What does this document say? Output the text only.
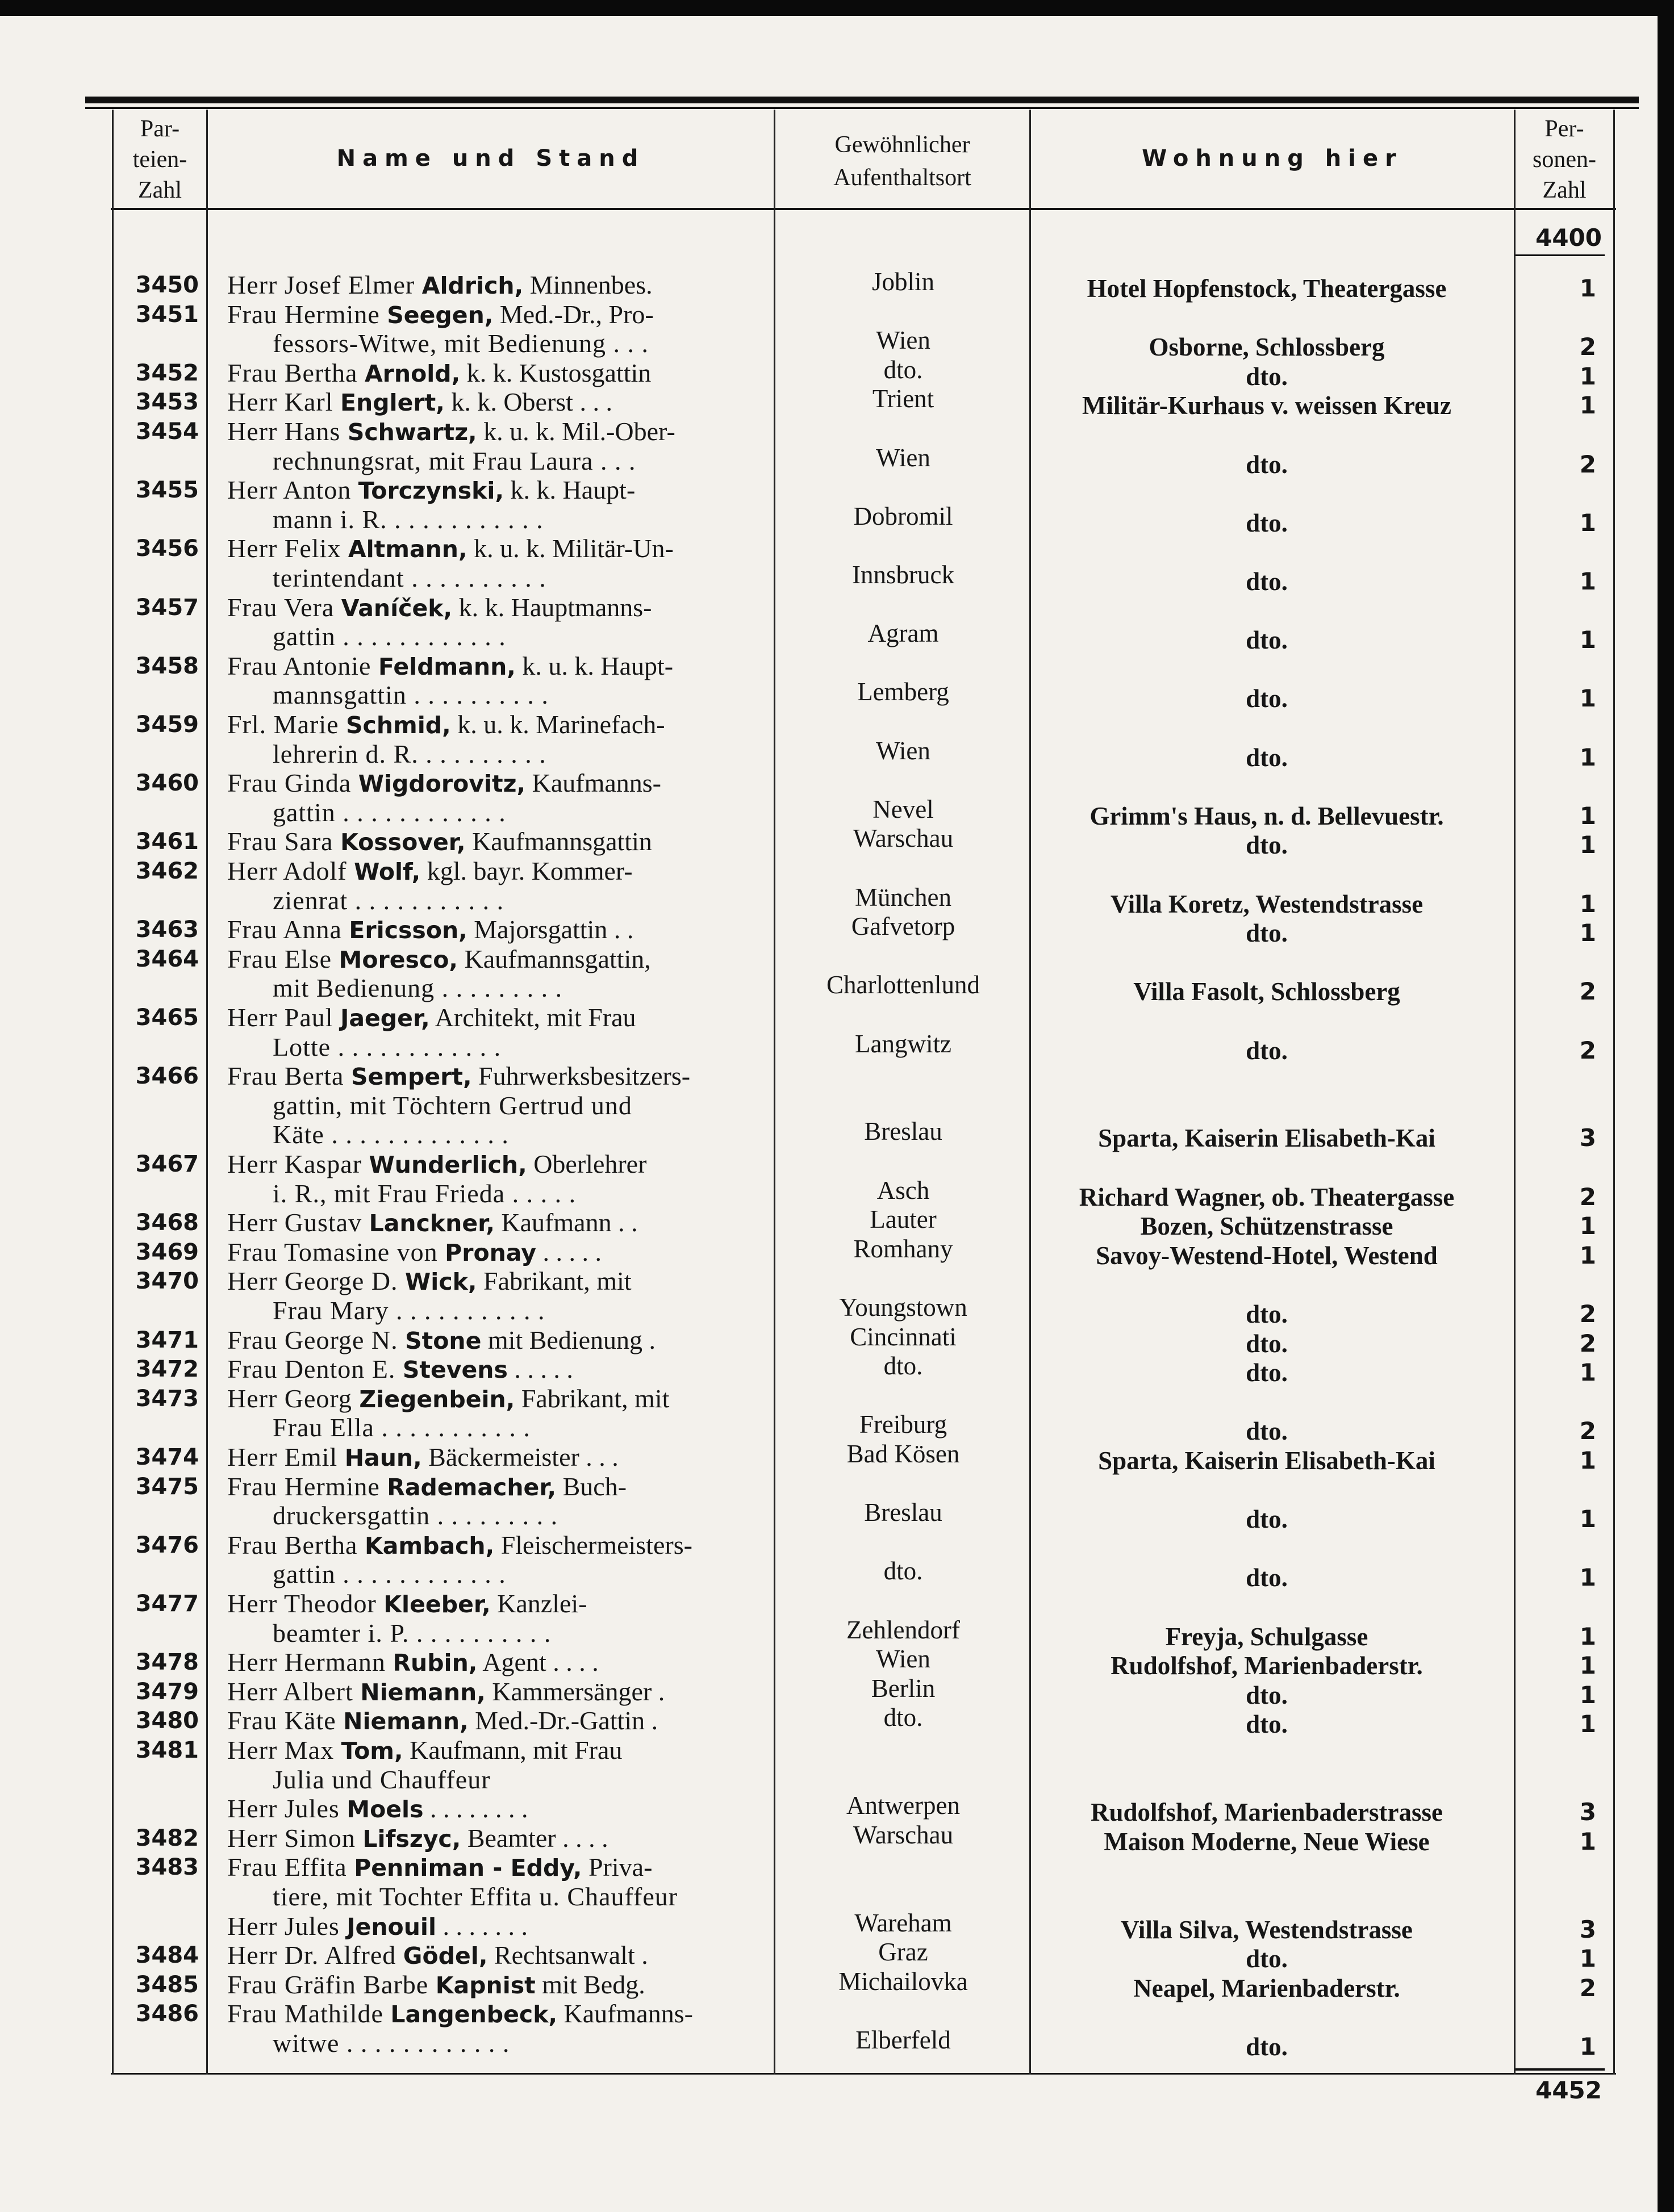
Par-
teien-
Zahl
Name und Stand
Gewöhnlicher
Aufenthaltsort
Wohnung hier
Per-
sonen-
Zahl
4400
4452
3450 Herr Josef Elmer Aldrich, Minnenbes.	Joblin	Hotel Hopfenstock, Theatergasse	1
3451 Frau Hermine Seegen, Med.-Dr., Pro-
fessors-Witwe, mit Bedienung . . .	Wien	Osborne, Schlossberg	2
3452 Frau Bertha Arnold, k. k. Kustosgattin	dto.	dto.	1
3453 Herr Karl Englert, k. k. Oberst . . .	Trient	Militär-Kurhaus v. weissen Kreuz	1
3454 Herr Hans Schwartz, k. u. k. Mil.-Ober-
rechnungsrat, mit Frau Laura . . .	Wien	dto.	2
3455 Herr Anton Torczynski, k. k. Haupt-
mann i. R. . . . . . . . . . . .	Dobromil	dto.	1
3456 Herr Felix Altmann, k. u. k. Militär-Un-
terintendant . . . . . . . . . .	Innsbruck	dto.	1
3457 Frau Vera Vaníček, k. k. Hauptmanns-
gattin . . . . . . . . . . . .	Agram	dto.	1
3458 Frau Antonie Feldmann, k. u. k. Haupt-
mannsgattin . . . . . . . . . .	Lemberg	dto.	1
3459 Frl. Marie Schmid, k. u. k. Marinefach-
lehrerin d. R. . . . . . . . . .	Wien	dto.	1
3460 Frau Ginda Wigdorovitz, Kaufmanns-
gattin . . . . . . . . . . . .	Nevel	Grimm's Haus, n. d. Bellevuestr.	1
3461 Frau Sara Kossover, Kaufmannsgattin	Warschau	dto.	1
3462 Herr Adolf Wolf, kgl. bayr. Kommer-
zienrat . . . . . . . . . . .	München	Villa Koretz, Westendstrasse	1
3463 Frau Anna Ericsson, Majorsgattin . .	Gafvetorp	dto.	1
3464 Frau Else Moresco, Kaufmannsgattin,
mit Bedienung . . . . . . . . .	Charlottenlund	Villa Fasolt, Schlossberg	2
3465 Herr Paul Jaeger, Architekt, mit Frau
Lotte . . . . . . . . . . . .	Langwitz	dto.	2
3466 Frau Berta Sempert, Fuhrwerksbesitzers-
gattin, mit Töchtern Gertrud und
Käte . . . . . . . . . . . . .	Breslau	Sparta, Kaiserin Elisabeth-Kai	3
3467 Herr Kaspar Wunderlich, Oberlehrer
i. R., mit Frau Frieda . . . . .	Asch	Richard Wagner, ob. Theatergasse	2
3468 Herr Gustav Lanckner, Kaufmann . .	Lauter	Bozen, Schützenstrasse	1
3469 Frau Tomasine von Pronay . . . . .	Romhany	Savoy-Westend-Hotel, Westend	1
3470 Herr George D. Wick, Fabrikant, mit
Frau Mary . . . . . . . . . . .	Youngstown	dto.	2
3471 Frau George N. Stone mit Bedienung .	Cincinnati	dto.	2
3472 Frau Denton E. Stevens . . . . .	dto.	dto.	1
3473 Herr Georg Ziegenbein, Fabrikant, mit
Frau Ella . . . . . . . . . . .	Freiburg	dto.	2
3474 Herr Emil Haun, Bäckermeister . . .	Bad Kösen	Sparta, Kaiserin Elisabeth-Kai	1
3475 Frau Hermine Rademacher, Buch-
druckersgattin . . . . . . . . .	Breslau	dto.	1
3476 Frau Bertha Kambach, Fleischermeisters-
gattin . . . . . . . . . . . .	dto.	dto.	1
3477 Herr Theodor Kleeber, Kanzlei-
beamter i. P. . . . . . . . . . .	Zehlendorf	Freyja, Schulgasse	1
3478 Herr Hermann Rubin, Agent . . . .	Wien	Rudolfshof, Marienbaderstr.	1
3479 Herr Albert Niemann, Kammersänger .	Berlin	dto.	1
3480 Frau Käte Niemann, Med.-Dr.-Gattin .	dto.	dto.	1
3481 Herr Max Tom, Kaufmann, mit Frau
Julia und Chauffeur
Herr Jules Moels . . . . . . . .	Antwerpen	Rudolfshof, Marienbaderstrasse	3
3482 Herr Simon Lifszyc, Beamter . . . .	Warschau	Maison Moderne, Neue Wiese	1
3483 Frau Effita Penniman - Eddy, Priva-
tiere, mit Tochter Effita u. Chauffeur
Herr Jules Jenouil . . . . . . .	Wareham	Villa Silva, Westendstrasse	3
3484 Herr Dr. Alfred Gödel, Rechtsanwalt .	Graz	dto.	1
3485 Frau Gräfin Barbe Kapnist mit Bedg.	Michailovka	Neapel, Marienbaderstr.	2
3486 Frau Mathilde Langenbeck, Kaufmanns-
witwe . . . . . . . . . . . .	Elberfeld	dto.	1
